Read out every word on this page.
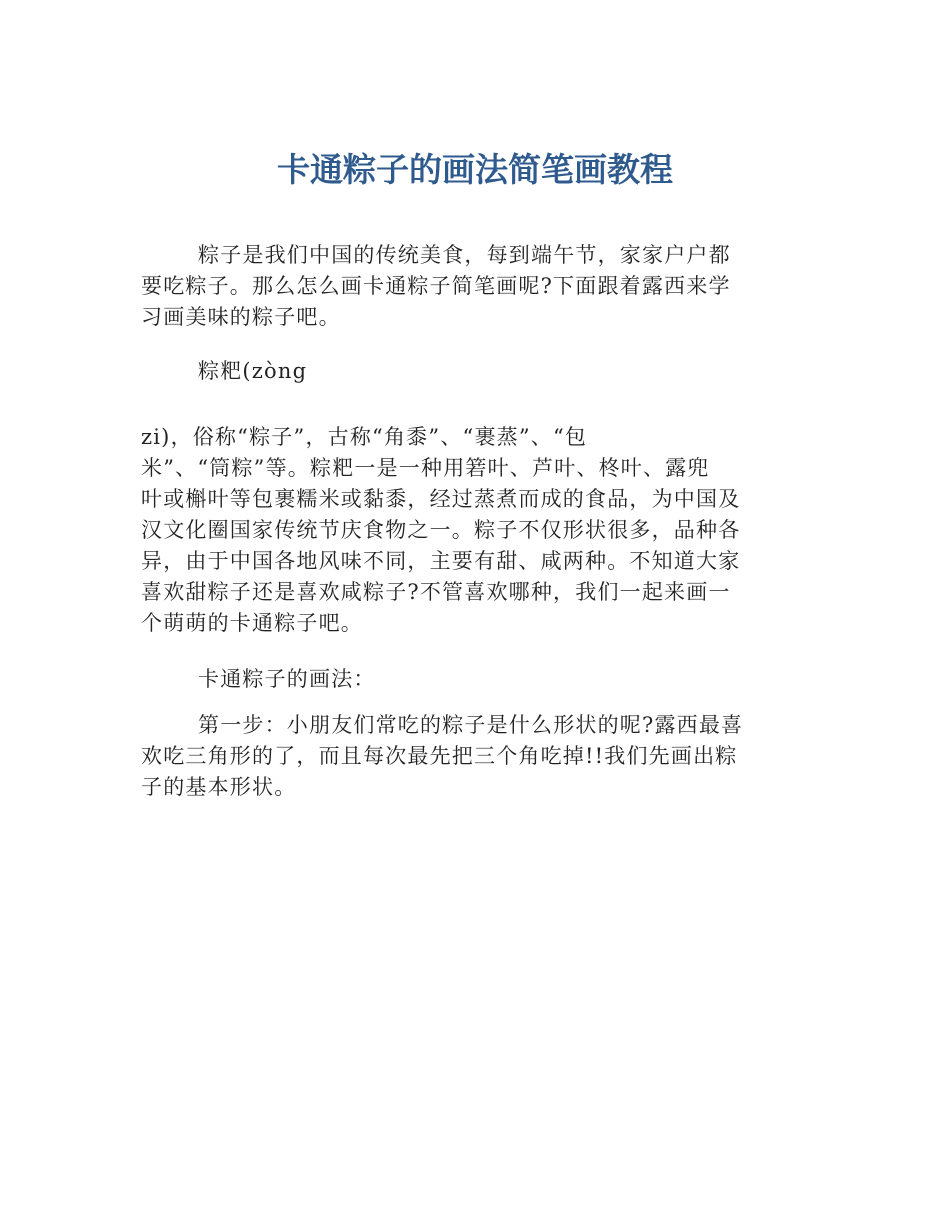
卡通粽子的画法简笔画教程
粽子是我们中国的传统美食，每到端午节，家家户户都
要吃粽子。那么怎么画卡通粽子简笔画呢?下面跟着露西来学
习画美味的粽子吧。
粽粑(zòng
zi)，俗称“粽子”，古称“角黍”、“裹蒸”、“包
米”、“筒粽”等。粽粑一是一种用箬叶、芦叶、柊叶、露兜
叶或槲叶等包裹糯米或黏黍，经过蒸煮而成的食品，为中国及
汉文化圈国家传统节庆食物之一。粽子不仅形状很多，品种各
异，由于中国各地风味不同，主要有甜、咸两种。不知道大家
喜欢甜粽子还是喜欢咸粽子?不管喜欢哪种，我们一起来画一
个萌萌的卡通粽子吧。
卡通粽子的画法：
第一步：小朋友们常吃的粽子是什么形状的呢?露西最喜
欢吃三角形的了，而且每次最先把三个角吃掉!!我们先画出粽
子的基本形状。
